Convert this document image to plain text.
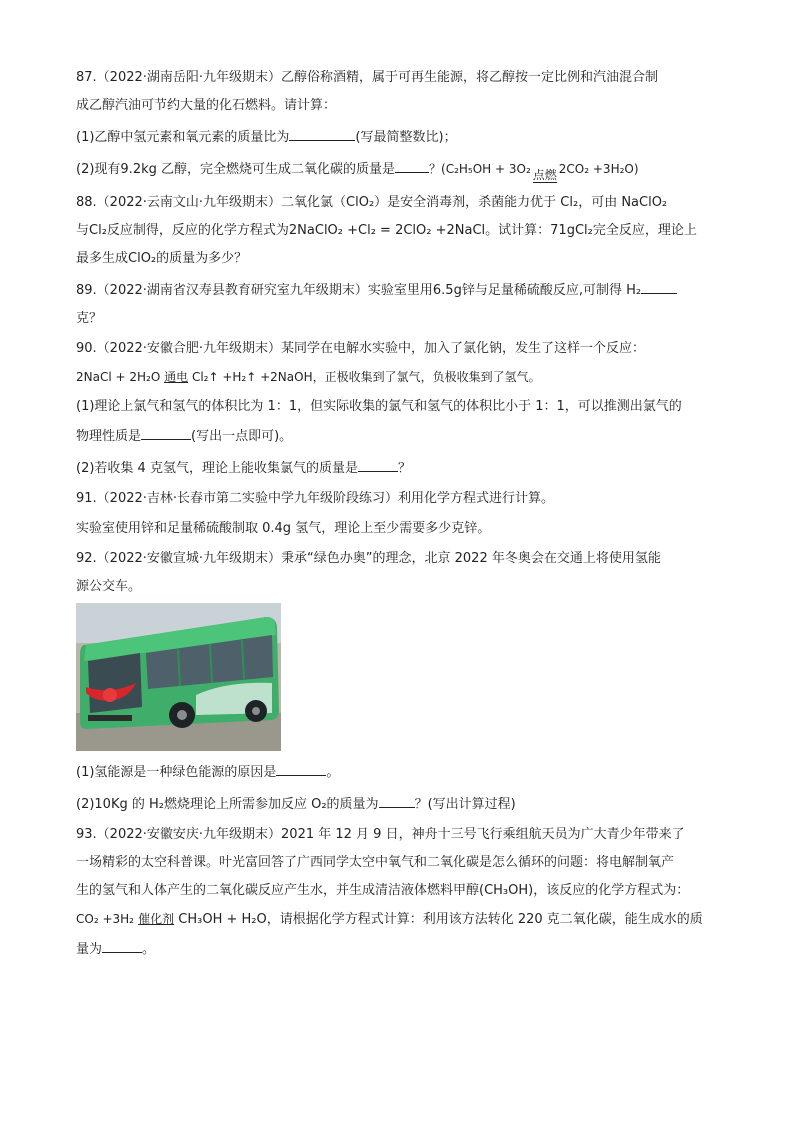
87.（2022·湖南岳阳·九年级期末）乙醇俗称酒精，属于可再生能源，将乙醇按一定比例和汽油混合制

成乙醇汽油可节约大量的化石燃料。请计算：

(1)乙醇中氢元素和氧元素的质量比为	(写最简整数比)；

(2)现有9.2kg 乙醇，完全燃烧可生成二氧化碳的质量是	？(C₂H₅OH + 3O₂ 点燃 2CO₂ +3H₂O)

88.（2022·云南文山·九年级期末）二氧化氯（ClO₂）是安全消毒剂，杀菌能力优于 Cl₂，可由 NaClO₂

与Cl₂反应制得，反应的化学方程式为2NaClO₂ +Cl₂ = 2ClO₂ +2NaCl。试计算：71gCl₂完全反应，理论上

最多生成ClO₂的质量为多少？

89.（2022·湖南省汉寿县教育研究室九年级期末）实验室里用6.5g锌与足量稀硫酸反应,可制得 H₂

克？

90.（2022·安徽合肥·九年级期末）某同学在电解水实验中，加入了氯化钠，发生了这样一个反应：

2NaCl + 2H₂O 通电 Cl₂↑ +H₂↑ +2NaOH，正极收集到了氯气，负极收集到了氢气。

(1)理论上氯气和氢气的体积比为 1：1，但实际收集的氯气和氢气的体积比小于 1：1，可以推测出氯气的

物理性质是	(写出一点即可)。

(2)若收集 4 克氢气，理论上能收集氯气的质量是	？

91.（2022·吉林·长春市第二实验中学九年级阶段练习）利用化学方程式进行计算。

实验室使用锌和足量稀硫酸制取 0.4g 氢气，理论上至少需要多少克锌。

92.（2022·安徽宣城·九年级期末）秉承“绿色办奥”的理念，北京 2022 年冬奥会在交通上将使用氢能

源公交车。

(1)氢能源是一种绿色能源的原因是	。

(2)10Kg 的 H₂燃烧理论上所需参加反应 O₂的质量为	？(写出计算过程)

93.（2022·安徽安庆·九年级期末）2021 年 12 月 9 日，神舟十三号飞行乘组航天员为广大青少年带来了

一场精彩的太空科普课。叶光富回答了广西同学太空中氧气和二氧化碳是怎么循环的问题：将电解制氧产

生的氢气和人体产生的二氧化碳反应产生水，并生成清洁液体燃料甲醇(CH₃OH)，该反应的化学方程式为：

CO₂ +3H₂ 催化剂 CH₃OH + H₂O，请根据化学方程式计算：利用该方法转化 220 克二氧化碳，能生成水的质

量为	。
